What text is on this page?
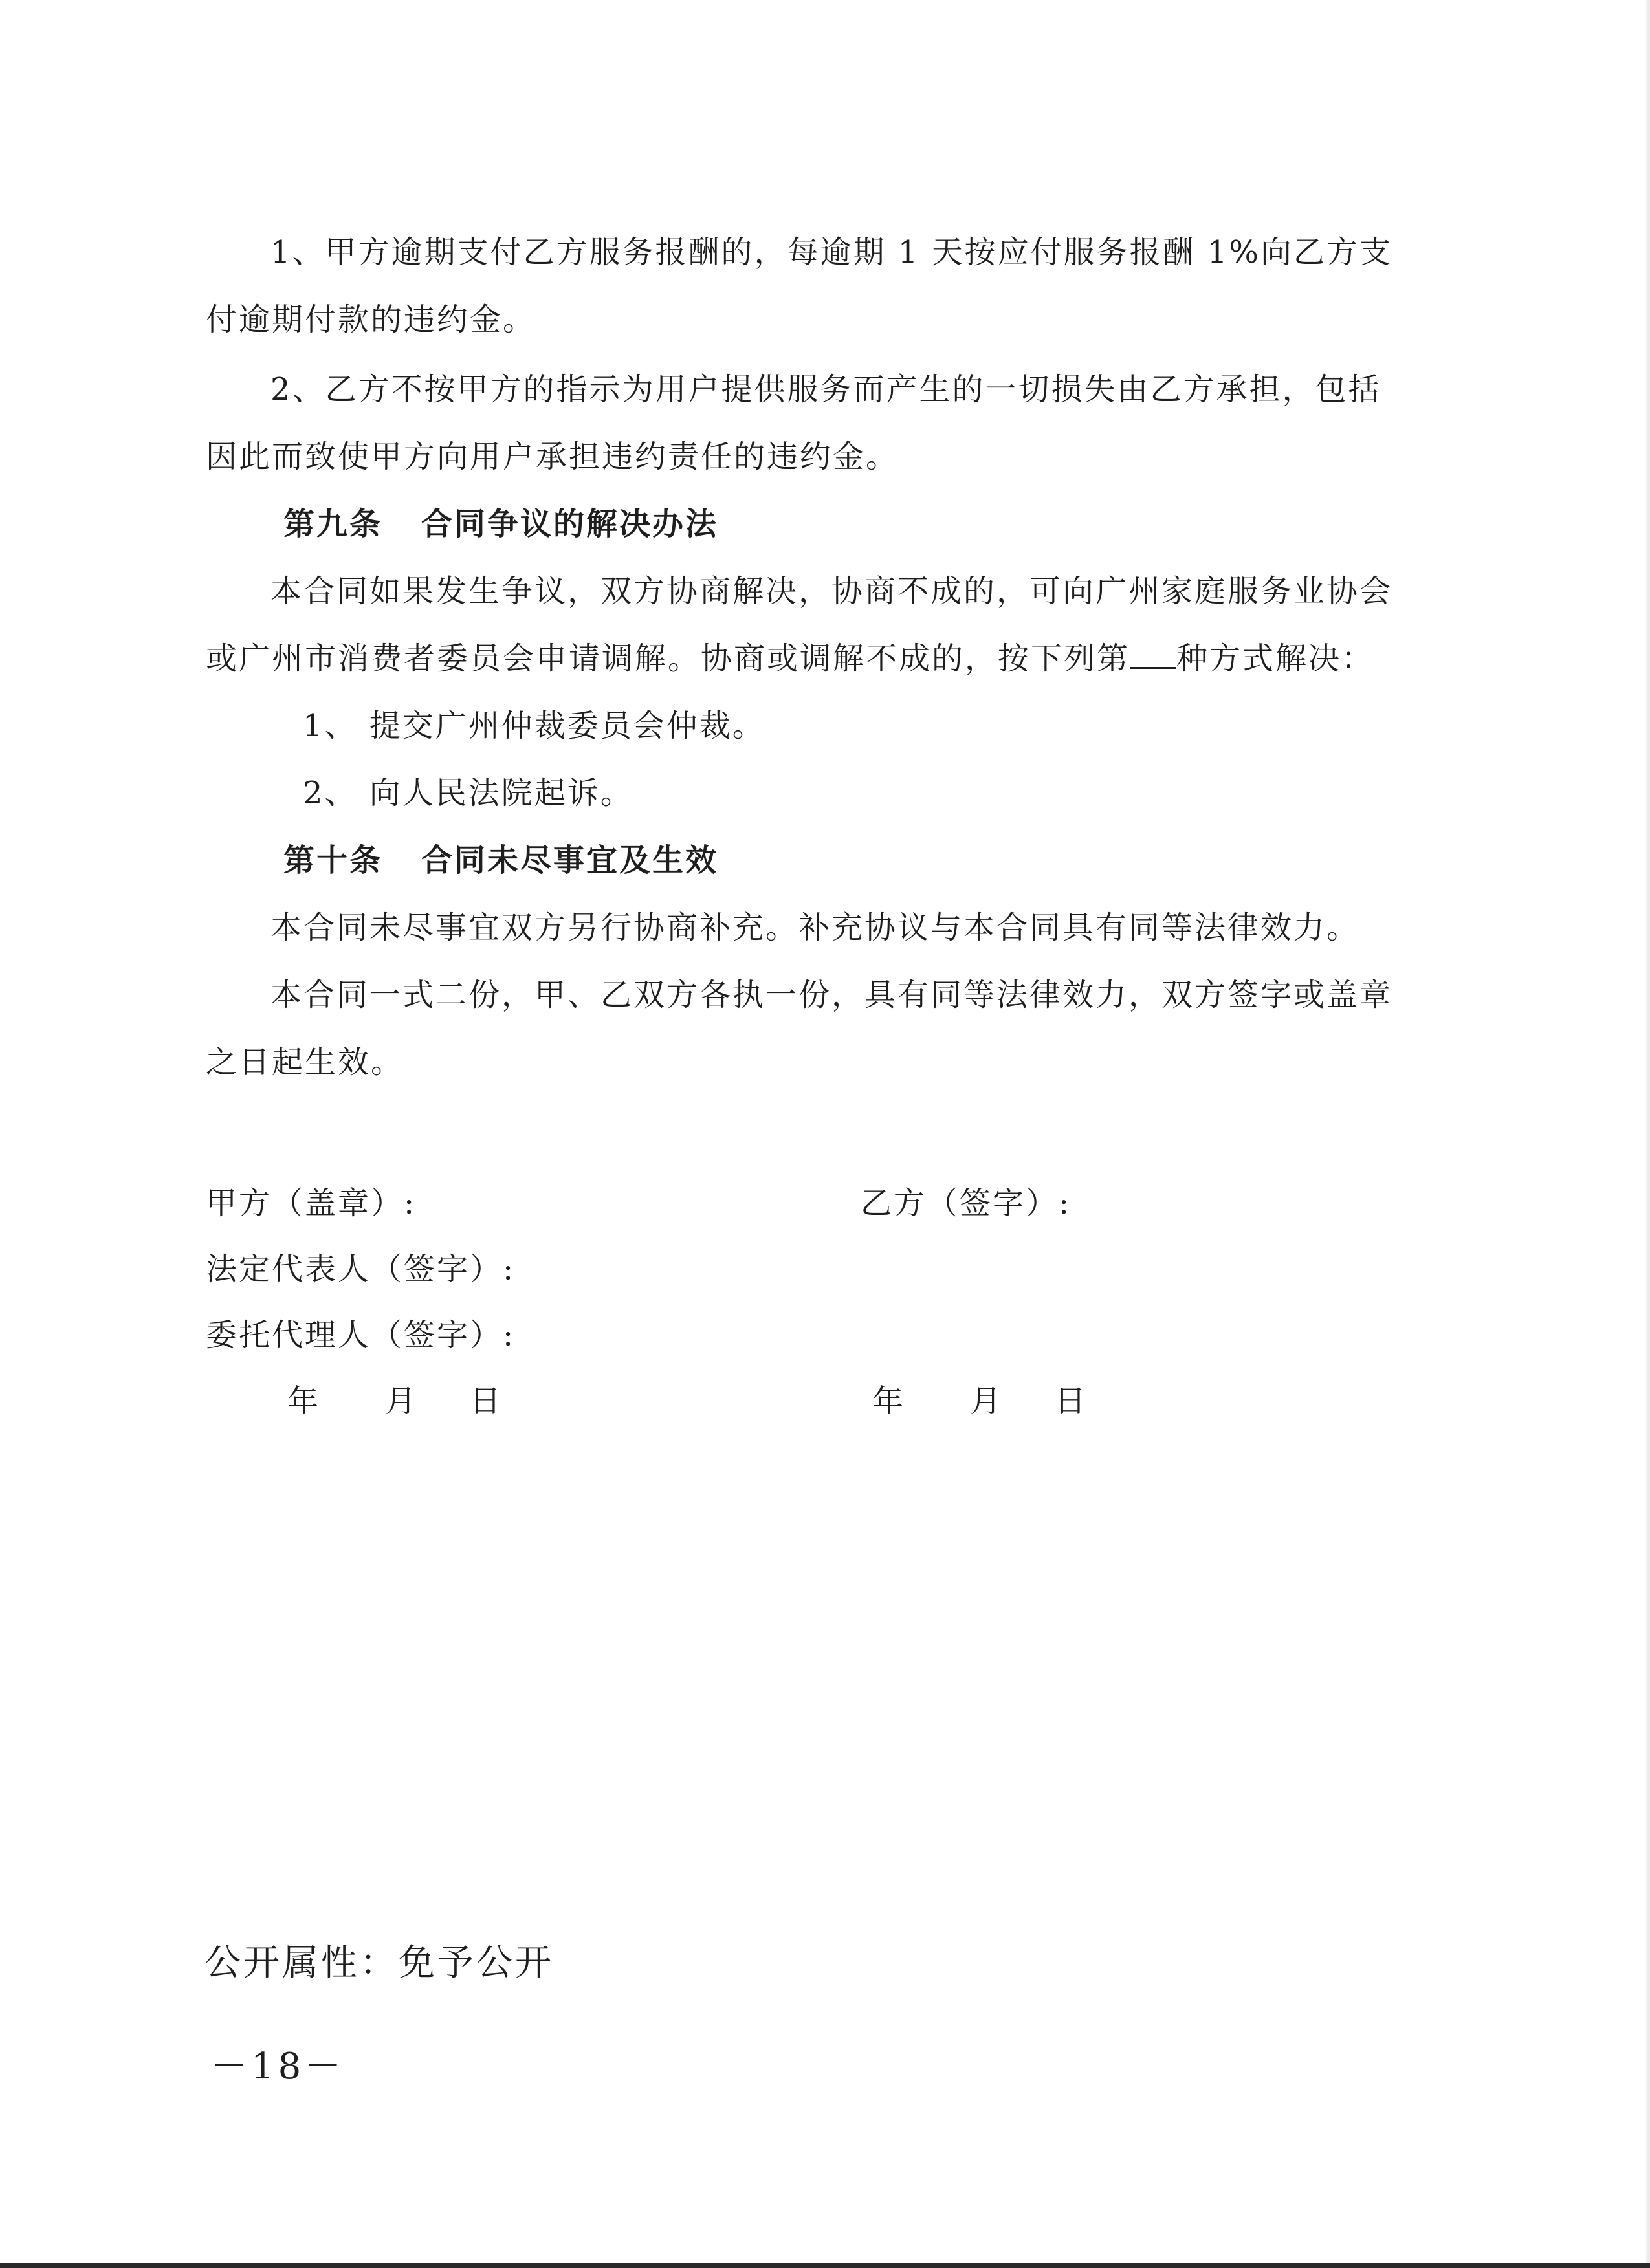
1、甲方逾期支付乙方服务报酬的，每逾期 1 天按应付服务报酬 1%向乙方支付逾期付款的违约金。

2、乙方不按甲方的指示为用户提供服务而产生的一切损失由乙方承担，包括因此而致使甲方向用户承担违约责任的违约金。

第九条 合同争议的解决办法

本合同如果发生争议，双方协商解决，协商不成的，可向广州家庭服务业协会或广州市消费者委员会申请调解。协商或调解不成的，按下列第 种方式解决：

1、 提交广州仲裁委员会仲裁。

2、 向人民法院起诉。

第十条 合同未尽事宜及生效

本合同未尽事宜双方另行协商补充。补充协议与本合同具有同等法律效力。

本合同一式二份，甲、乙双方各执一份，具有同等法律效力，双方签字或盖章之日起生效。

甲方（盖章）:	乙方（签字）:

法定代表人（签字）:

委托代理人（签字）:

年 月 日	年 月 日

公开属性：免予公开
－18－
